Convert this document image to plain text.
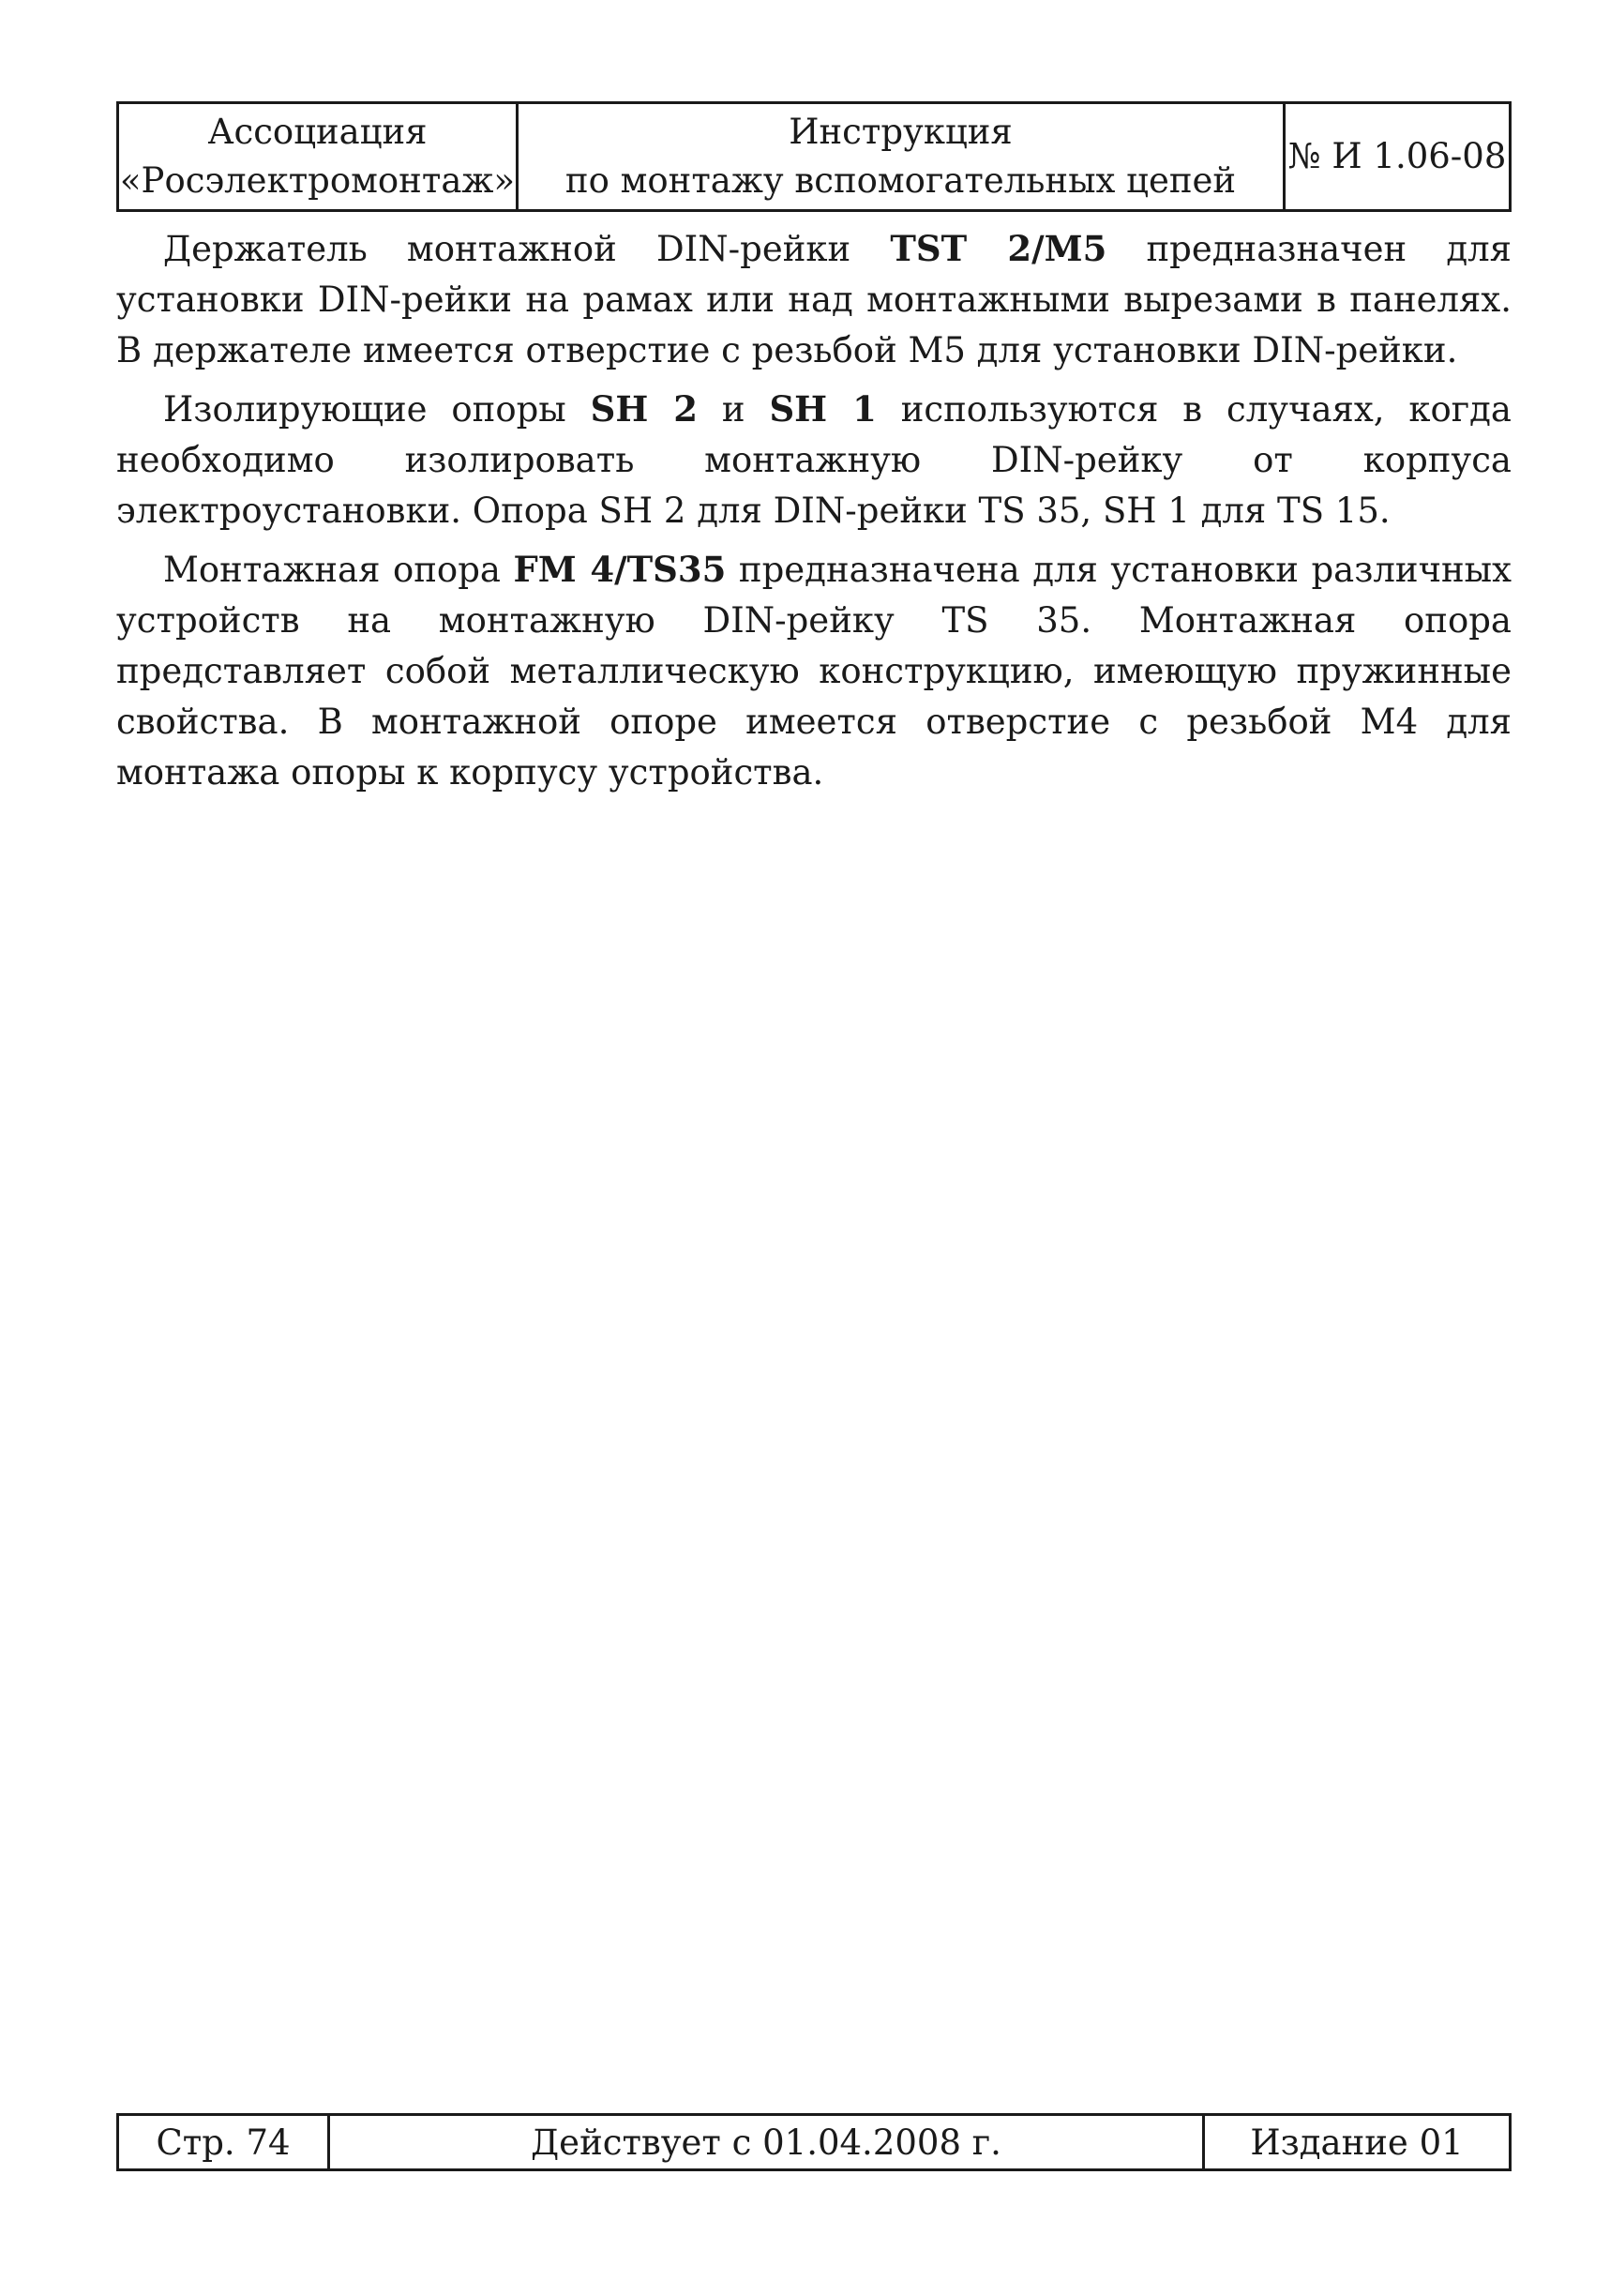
Ассоциация
«Росэлектромонтаж»
Инструкция
по монтажу вспомогательных цепей
№ И 1.06-08

Держатель монтажной DIN-рейки TST 2/M5 предназначен для установки DIN-рейки на рамах или над монтажными вырезами в панелях. В держателе имеется отверстие с резьбой М5 для установки DIN-рейки.

Изолирующие опоры SH 2 и SH 1 используются в случаях, когда необходимо изолировать монтажную DIN-рейку от корпуса электроустановки. Опора SH 2 для DIN-рейки TS 35, SH 1 для TS 15.

Монтажная опора FM 4/TS35 предназначена для установки различных устройств на монтажную DIN-рейку TS 35. Монтажная опора представляет собой металлическую конструкцию, имеющую пружинные свойства. В монтажной опоре имеется отверстие с резьбой М4 для монтажа опоры к корпусу устройства.

Стр. 74	Действует с 01.04.2008 г.	Издание 01
